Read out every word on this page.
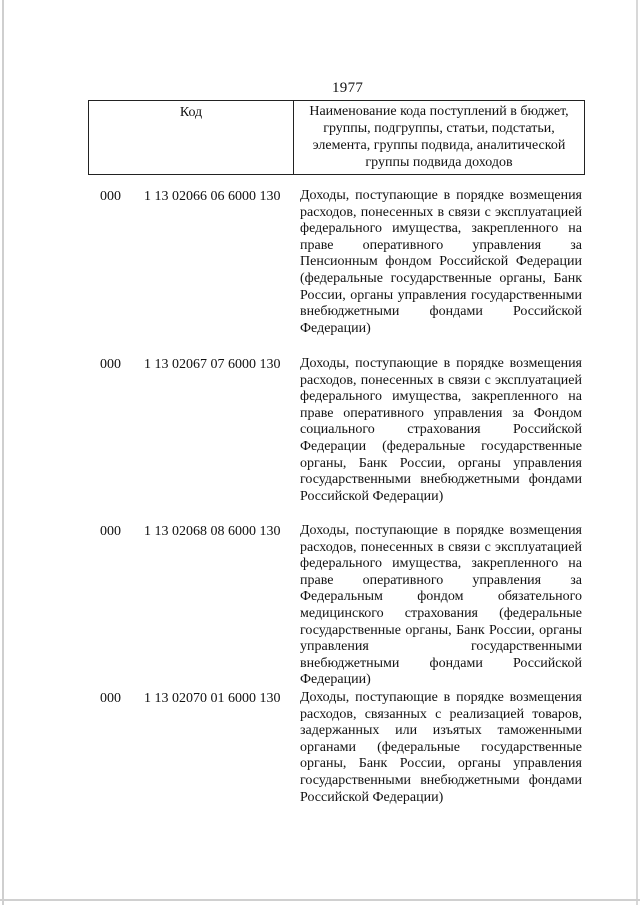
1977
Код	Наименование кода поступлений в бюджет, группы, подгруппы, статьи, подстатьи, элемента, группы подвида, аналитической группы подвида доходов
000 1 13 02066 06 6000 130 Доходы, поступающие в порядке возмещения расходов, понесенных в связи с эксплуатацией федерального имущества, закрепленного на праве оперативного управления за Пенсионным фондом Российской Федерации (федеральные государственные органы, Банк России, органы управления государственными внебюджетными фондами Российской Федерации)
000 1 13 02067 07 6000 130 Доходы, поступающие в порядке возмещения расходов, понесенных в связи с эксплуатацией федерального имущества, закрепленного на праве оперативного управления за Фондом социального страхования Российской Федерации (федеральные государственные органы, Банк России, органы управления государственными внебюджетными фондами Российской Федерации)
000 1 13 02068 08 6000 130 Доходы, поступающие в порядке возмещения расходов, понесенных в связи с эксплуатацией федерального имущества, закрепленного на праве оперативного управления за Федеральным фондом обязательного медицинского страхования (федеральные государственные органы, Банк России, органы управления государственными внебюджетными фондами Российской Федерации)
000 1 13 02070 01 6000 130 Доходы, поступающие в порядке возмещения расходов, связанных с реализацией товаров, задержанных или изъятых таможенными органами (федеральные государственные органы, Банк России, органы управления государственными внебюджетными фондами Российской Федерации)
